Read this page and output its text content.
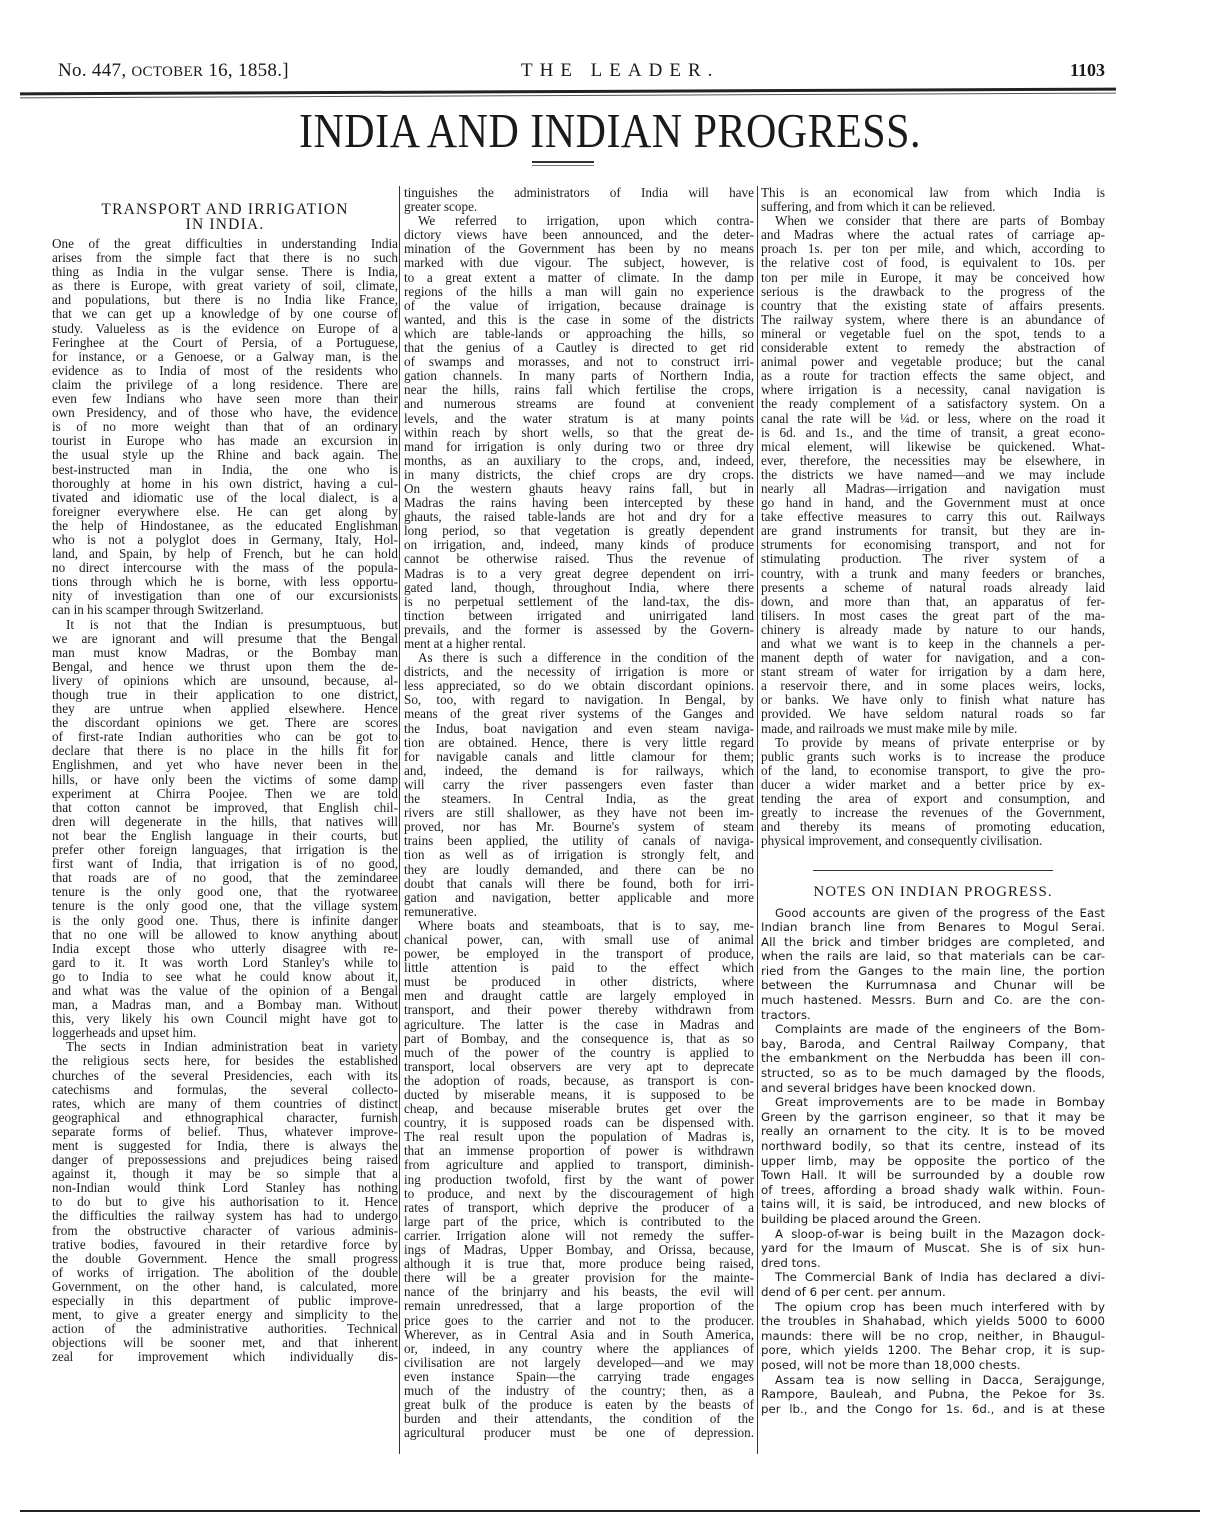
No. 447, OCTOBER 16, 1858.]	THE LEADER.	1103
INDIA AND INDIAN PROGRESS.
TRANSPORT AND IRRIGATION
IN INDIA.
One of the great difficulties in understanding India
arises from the simple fact that there is no such
thing as India in the vulgar sense. There is India,
as there is Europe, with great variety of soil, climate,
and populations, but there is no India like France,
that we can get up a knowledge of by one course of
study. Valueless as is the evidence on Europe of a
Feringhee at the Court of Persia, of a Portuguese,
for instance, or a Genoese, or a Galway man, is the
evidence as to India of most of the residents who
claim the privilege of a long residence. There are
even few Indians who have seen more than their
own Presidency, and of those who have, the evidence
is of no more weight than that of an ordinary
tourist in Europe who has made an excursion in
the usual style up the Rhine and back again. The
best-instructed man in India, the one who is
thoroughly at home in his own district, having a cul-
tivated and idiomatic use of the local dialect, is a
foreigner everywhere else. He can get along by
the help of Hindostanee, as the educated Englishman
who is not a polyglot does in Germany, Italy, Hol-
land, and Spain, by help of French, but he can hold
no direct intercourse with the mass of the popula-
tions through which he is borne, with less opportu-
nity of investigation than one of our excursionists
can in his scamper through Switzerland.
It is not that the Indian is presumptuous, but
we are ignorant and will presume that the Bengal
man must know Madras, or the Bombay man
Bengal, and hence we thrust upon them the de-
livery of opinions which are unsound, because, al-
though true in their application to one district,
they are untrue when applied elsewhere. Hence
the discordant opinions we get. There are scores
of first-rate Indian authorities who can be got to
declare that there is no place in the hills fit for
Englishmen, and yet who have never been in the
hills, or have only been the victims of some damp
experiment at Chirra Poojee. Then we are told
that cotton cannot be improved, that English chil-
dren will degenerate in the hills, that natives will
not bear the English language in their courts, but
prefer other foreign languages, that irrigation is the
first want of India, that irrigation is of no good,
that roads are of no good, that the zemindaree
tenure is the only good one, that the ryotwaree
tenure is the only good one, that the village system
is the only good one. Thus, there is infinite danger
that no one will be allowed to know anything about
India except those who utterly disagree with re-
gard to it. It was worth Lord Stanley's while to
go to India to see what he could know about it,
and what was the value of the opinion of a Bengal
man, a Madras man, and a Bombay man. Without
this, very likely his own Council might have got to
loggerheads and upset him.
The sects in Indian administration beat in variety
the religious sects here, for besides the established
churches of the several Presidencies, each with its
catechisms and formulas, the several collecto-
rates, which are many of them countries of distinct
geographical and ethnographical character, furnish
separate forms of belief. Thus, whatever improve-
ment is suggested for India, there is always the
danger of prepossessions and prejudices being raised
against it, though it may be so simple that a
non-Indian would think Lord Stanley has nothing
to do but to give his authorisation to it. Hence
the difficulties the railway system has had to undergo
from the obstructive character of various adminis-
trative bodies, favoured in their retardive force by
the double Government. Hence the small progress
of works of irrigation. The abolition of the double
Government, on the other hand, is calculated, more
especially in this department of public improve-
ment, to give a greater energy and simplicity to the
action of the administrative authorities. Technical
objections will be sooner met, and that inherent
zeal for improvement which individually dis-
tinguishes the administrators of India will have
greater scope.
We referred to irrigation, upon which contra-
dictory views have been announced, and the deter-
mination of the Government has been by no means
marked with due vigour. The subject, however, is
to a great extent a matter of climate. In the damp
regions of the hills a man will gain no experience
of the value of irrigation, because drainage is
wanted, and this is the case in some of the districts
which are table-lands or approaching the hills, so
that the genius of a Cautley is directed to get rid
of swamps and morasses, and not to construct irri-
gation channels. In many parts of Northern India,
near the hills, rains fall which fertilise the crops,
and numerous streams are found at convenient
levels, and the water stratum is at many points
within reach by short wells, so that the great de-
mand for irrigation is only during two or three dry
months, as an auxiliary to the crops, and, indeed,
in many districts, the chief crops are dry crops.
On the western ghauts heavy rains fall, but in
Madras the rains having been intercepted by these
ghauts, the raised table-lands are hot and dry for a
long period, so that vegetation is greatly dependent
on irrigation, and, indeed, many kinds of produce
cannot be otherwise raised. Thus the revenue of
Madras is to a very great degree dependent on irri-
gated land, though, throughout India, where there
is no perpetual settlement of the land-tax, the dis-
tinction between irrigated and unirrigated land
prevails, and the former is assessed by the Govern-
ment at a higher rental.
As there is such a difference in the condition of the
districts, and the necessity of irrigation is more or
less appreciated, so do we obtain discordant opinions.
So, too, with regard to navigation. In Bengal, by
means of the great river systems of the Ganges and
the Indus, boat navigation and even steam naviga-
tion are obtained. Hence, there is very little regard
for navigable canals and little clamour for them;
and, indeed, the demand is for railways, which
will carry the river passengers even faster than
the steamers. In Central India, as the great
rivers are still shallower, as they have not been im-
proved, nor has Mr. Bourne's system of steam
trains been applied, the utility of canals of naviga-
tion as well as of irrigation is strongly felt, and
they are loudly demanded, and there can be no
doubt that canals will there be found, both for irri-
gation and navigation, better applicable and more
remunerative.
Where boats and steamboats, that is to say, me-
chanical power, can, with small use of animal
power, be employed in the transport of produce,
little attention is paid to the effect which
must be produced in other districts, where
men and draught cattle are largely employed in
transport, and their power thereby withdrawn from
agriculture. The latter is the case in Madras and
part of Bombay, and the consequence is, that as so
much of the power of the country is applied to
transport, local observers are very apt to deprecate
the adoption of roads, because, as transport is con-
ducted by miserable means, it is supposed to be
cheap, and because miserable brutes get over the
country, it is supposed roads can be dispensed with.
The real result upon the population of Madras is,
that an immense proportion of power is withdrawn
from agriculture and applied to transport, diminish-
ing production twofold, first by the want of power
to produce, and next by the discouragement of high
rates of transport, which deprive the producer of a
large part of the price, which is contributed to the
carrier. Irrigation alone will not remedy the suffer-
ings of Madras, Upper Bombay, and Orissa, because,
although it is true that, more produce being raised,
there will be a greater provision for the mainte-
nance of the brinjarry and his beasts, the evil will
remain unredressed, that a large proportion of the
price goes to the carrier and not to the producer.
Wherever, as in Central Asia and in South America,
or, indeed, in any country where the appliances of
civilisation are not largely developed—and we may
even instance Spain—the carrying trade engages
much of the industry of the country; then, as a
great bulk of the produce is eaten by the beasts of
burden and their attendants, the condition of the
agricultural producer must be one of depression.
This is an economical law from which India is
suffering, and from which it can be relieved.
When we consider that there are parts of Bombay
and Madras where the actual rates of carriage ap-
proach 1s. per ton per mile, and which, according to
the relative cost of food, is equivalent to 10s. per
ton per mile in Europe, it may be conceived how
serious is the drawback to the progress of the
country that the existing state of affairs presents.
The railway system, where there is an abundance of
mineral or vegetable fuel on the spot, tends to a
considerable extent to remedy the abstraction of
animal power and vegetable produce; but the canal
as a route for traction effects the same object, and
where irrigation is a necessity, canal navigation is
the ready complement of a satisfactory system. On a
canal the rate will be ¼d. or less, where on the road it
is 6d. and 1s., and the time of transit, a great econo-
mical element, will likewise be quickened. What-
ever, therefore, the necessities may be elsewhere, in
the districts we have named—and we may include
nearly all Madras—irrigation and navigation must
go hand in hand, and the Government must at once
take effective measures to carry this out. Railways
are grand instruments for transit, but they are in-
struments for economising transport, and not for
stimulating production. The river system of a
country, with a trunk and many feeders or branches,
presents a scheme of natural roads already laid
down, and more than that, an apparatus of fer-
tilisers. In most cases the great part of the ma-
chinery is already made by nature to our hands,
and what we want is to keep in the channels a per-
manent depth of water for navigation, and a con-
stant stream of water for irrigation by a dam here,
a reservoir there, and in some places weirs, locks,
or banks. We have only to finish what nature has
provided. We have seldom natural roads so far
made, and railroads we must make mile by mile.
To provide by means of private enterprise or by
public grants such works is to increase the produce
of the land, to economise transport, to give the pro-
ducer a wider market and a better price by ex-
tending the area of export and consumption, and
greatly to increase the revenues of the Government,
and thereby its means of promoting education,
physical improvement, and consequently civilisation.
NOTES ON INDIAN PROGRESS.
Good accounts are given of the progress of the East
Indian branch line from Benares to Mogul Serai.
All the brick and timber bridges are completed, and
when the rails are laid, so that materials can be car-
ried from the Ganges to the main line, the portion
between the Kurrumnasa and Chunar will be
much hastened. Messrs. Burn and Co. are the con-
tractors.
Complaints are made of the engineers of the Bom-
bay, Baroda, and Central Railway Company, that
the embankment on the Nerbudda has been ill con-
structed, so as to be much damaged by the floods,
and several bridges have been knocked down.
Great improvements are to be made in Bombay
Green by the garrison engineer, so that it may be
really an ornament to the city. It is to be moved
northward bodily, so that its centre, instead of its
upper limb, may be opposite the portico of the
Town Hall. It will be surrounded by a double row
of trees, affording a broad shady walk within. Foun-
tains will, it is said, be introduced, and new blocks of
building be placed around the Green.
A sloop-of-war is being built in the Mazagon dock-
yard for the Imaum of Muscat. She is of six hun-
dred tons.
The Commercial Bank of India has declared a divi-
dend of 6 per cent. per annum.
The opium crop has been much interfered with by
the troubles in Shahabad, which yields 5000 to 6000
maunds: there will be no crop, neither, in Bhaugul-
pore, which yields 1200. The Behar crop, it is sup-
posed, will not be more than 18,000 chests.
Assam tea is now selling in Dacca, Serajgunge,
Rampore, Bauleah, and Pubna, the Pekoe for 3s.
per lb., and the Congo for 1s. 6d., and is at these
